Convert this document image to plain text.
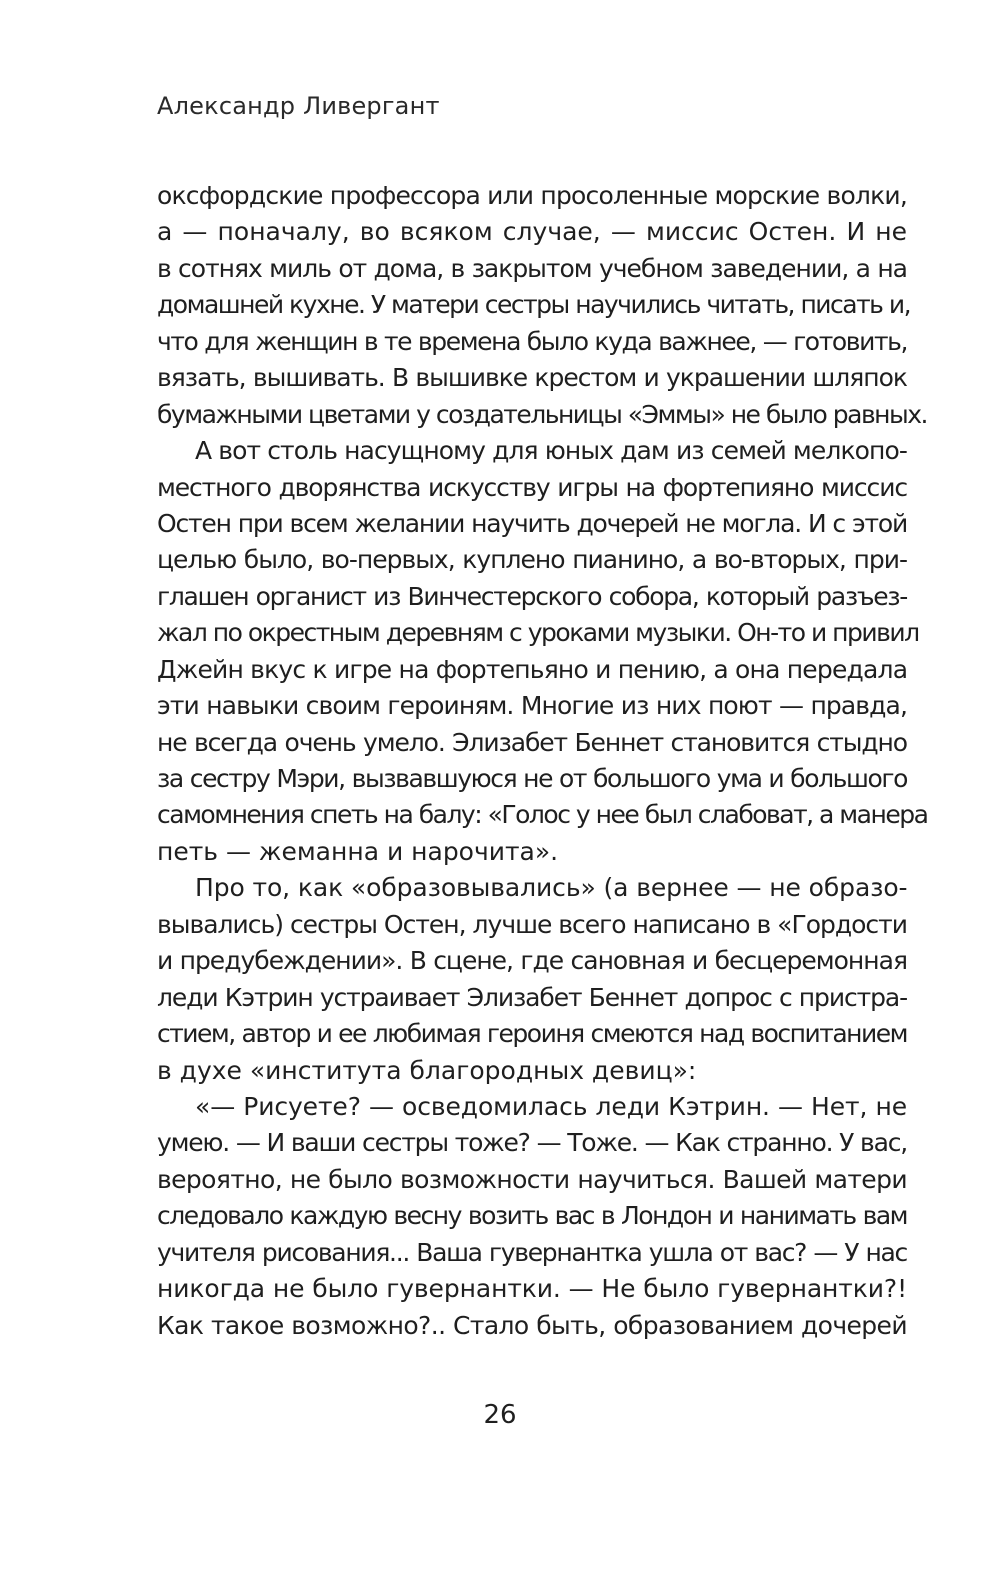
Александр Ливергант
оксфордские профессора или просоленные морские волки,
а — поначалу, во всяком случае, — миссис Остен. И не
в сотнях миль от дома, в закрытом учебном заведении, а на
домашней кухне. У матери сестры научились читать, писать и,
что для женщин в те времена было куда важнее, — готовить,
вязать, вышивать. В вышивке крестом и украшении шляпок
бумажными цветами у создательницы «Эммы» не было равных.
А вот столь насущному для юных дам из семей мелкопо-
местного дворянства искусству игры на фортепияно миссис
Остен при всем желании научить дочерей не могла. И с этой
целью было, во-первых, куплено пианино, а во-вторых, при-
глашен органист из Винчестерского собора, который разъез-
жал по окрестным деревням с уроками музыки. Он-то и привил
Джейн вкус к игре на фортепьяно и пению, а она передала
эти навыки своим героиням. Многие из них поют — правда,
не всегда очень умело. Элизабет Беннет становится стыдно
за сестру Мэри, вызвавшуюся не от большого ума и большого
самомнения спеть на балу: «Голос у нее был слабоват, а манера
петь — жеманна и нарочита».
Про то, как «образовывались» (а вернее — не образо-
вывались) сестры Остен, лучше всего написано в «Гордости
и предубеждении». В сцене, где сановная и бесцеремонная
леди Кэтрин устраивает Элизабет Беннет допрос с пристра-
стием, автор и ее любимая героиня смеются над воспитанием
в духе «института благородных девиц»:
«— Рисуете? — осведомилась леди Кэтрин. — Нет, не
умею. — И ваши сестры тоже? — Тоже. — Как странно. У вас,
вероятно, не было возможности научиться. Вашей матери
следовало каждую весну возить вас в Лондон и нанимать вам
учителя рисования... Ваша гувернантка ушла от вас? — У нас
никогда не было гувернантки. — Не было гувернантки?!
Как такое возможно?.. Стало быть, образованием дочерей
26
